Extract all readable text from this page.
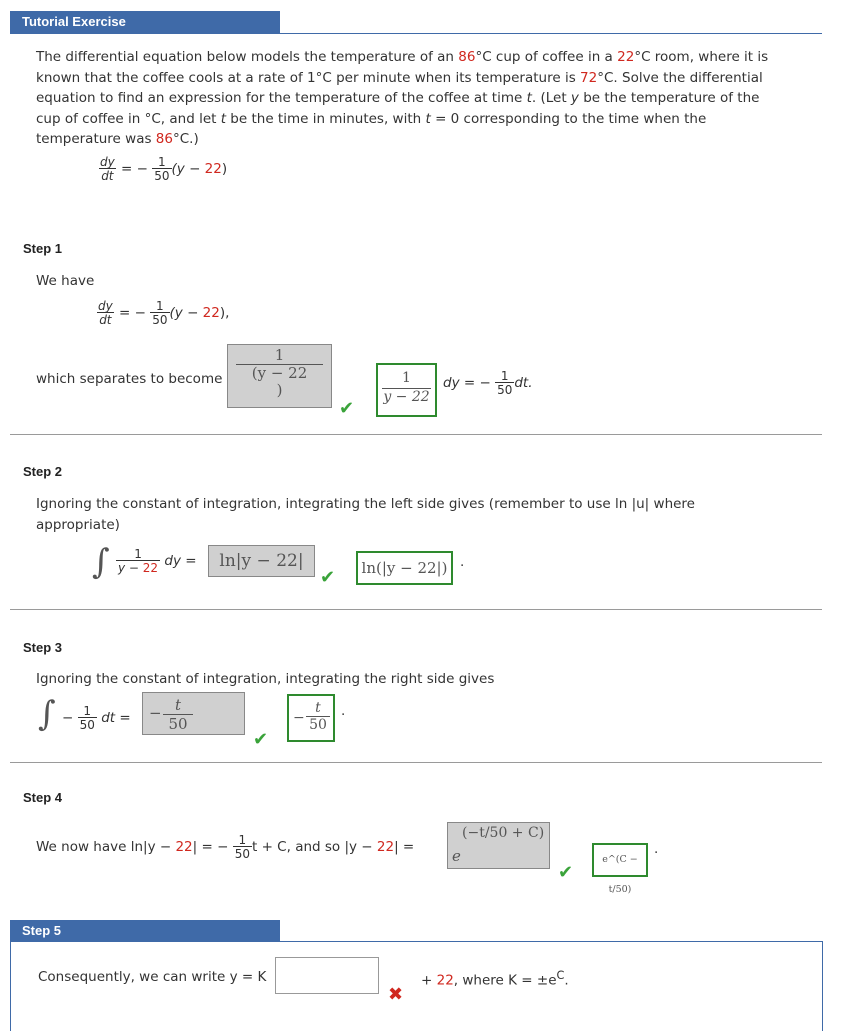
Tutorial Exercise
The differential equation below models the temperature of an 86°C cup of coffee in a 22°C room, where it is known that the coffee cools at a rate of 1°C per minute when its temperature is 72°C. Solve the differential equation to find an expression for the temperature of the coffee at time t. (Let y be the temperature of the cup of coffee in °C, and let t be the time in minutes, with t = 0 corresponding to the time when the temperature was 86°C.)
$\frac{dy}{dt}$ = − $\frac{1}{50} (y - 22)$
Step 1
We have
$\frac{dy}{dt}$ = − $\frac{1}{50} (y - 22)$,
which separates to become
1
(y − 22
)
✔ $\frac{1}{y - 22}$ dy = − $\frac{1}{50}$ dt.
Step 2
Ignoring the constant of integration, integrating the left side gives (remember to use ln |u| where appropriate)
∫ $\frac{1}{y - 22}$ dy =	ln|y − 22|
✔	ln(|y − 22|) ·
Step 3
Ignoring the constant of integration, integrating the right side gives
∫ − $\frac{1}{50}$ dt = − $\frac{t}{50}$
✔
− $\frac{t}{50}$ ·
Step 4
We now have ln|y − 22| = − $\frac{1}{50}$ t + C, and so |y − 22| =	e
(−t/50 + C)
✔
e^(C − t/50)
·
Step 5
Consequently, we can write y = K
✖
+ 22, where $K = \pm e^C$.
